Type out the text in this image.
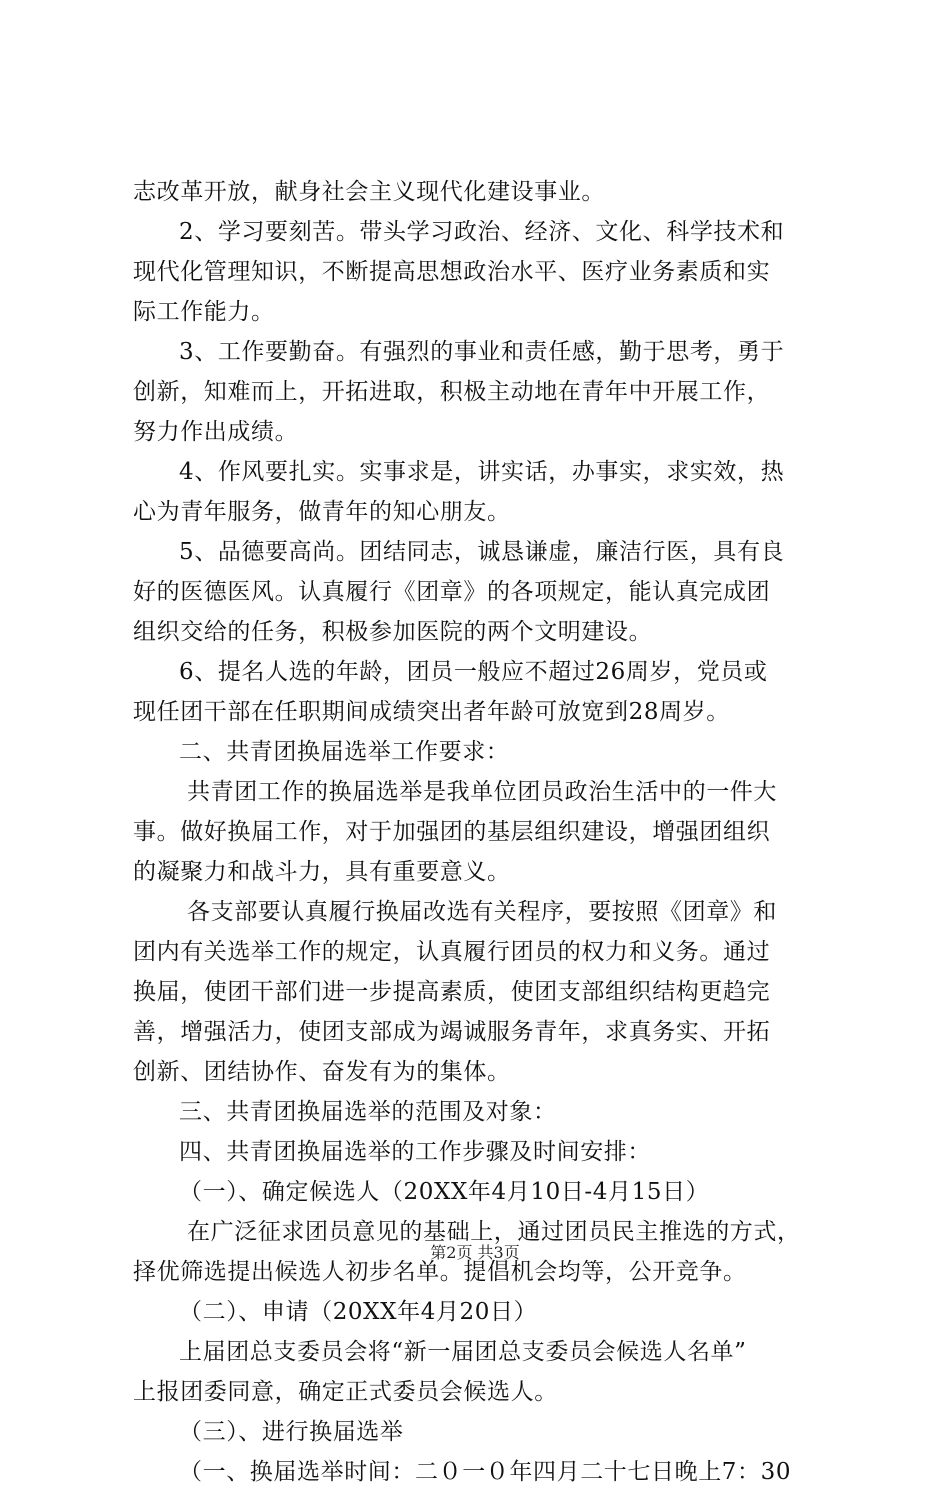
志改革开放，献身社会主义现代化建设事业。
2、学习要刻苦。带头学习政治、经济、文化、科学技术和
现代化管理知识，不断提高思想政治水平、医疗业务素质和实
际工作能力。
3、工作要勤奋。有强烈的事业和责任感，勤于思考，勇于
创新，知难而上，开拓进取，积极主动地在青年中开展工作，
努力作出成绩。
4、作风要扎实。实事求是，讲实话，办事实，求实效，热
心为青年服务，做青年的知心朋友。
5、品德要高尚。团结同志，诚恳谦虚，廉洁行医，具有良
好的医德医风。认真履行《团章》的各项规定，能认真完成团
组织交给的任务，积极参加医院的两个文明建设。
6、提名人选的年龄，团员一般应不超过26周岁，党员或
现任团干部在任职期间成绩突出者年龄可放宽到28周岁。
二、共青团换届选举工作要求：
共青团工作的换届选举是我单位团员政治生活中的一件大
事。做好换届工作，对于加强团的基层组织建设，增强团组织
的凝聚力和战斗力，具有重要意义。
各支部要认真履行换届改选有关程序，要按照《团章》和
团内有关选举工作的规定，认真履行团员的权力和义务。通过
换届，使团干部们进一步提高素质，使团支部组织结构更趋完
善，增强活力，使团支部成为竭诚服务青年，求真务实、开拓
创新、团结协作、奋发有为的集体。
三、共青团换届选举的范围及对象：
四、共青团换届选举的工作步骤及时间安排：
（一）、确定候选人（20XX年4月10日-4月15日）
在广泛征求团员意见的基础上，通过团员民主推选的方式，
择优筛选提出候选人初步名单。提倡机会均等，公开竞争。
（二）、申请（20XX年4月20日）
上届团总支委员会将“新一届团总支委员会候选人名单”
上报团委同意，确定正式委员会候选人。
（三）、进行换届选举
（一、换届选举时间：二０一０年四月二十七日晚上7：30
第2页 共3页
